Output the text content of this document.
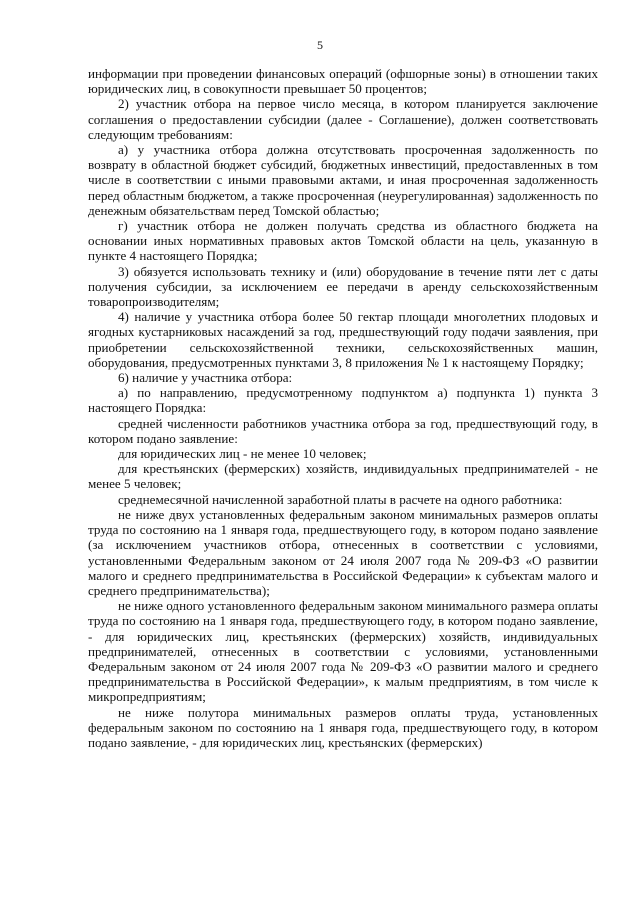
5

информации при проведении финансовых операций (офшорные зоны) в отношении таких юридических лиц, в совокупности превышает 50 процентов;

2) участник отбора на первое число месяца, в котором планируется заключение соглашения о предоставлении субсидии (далее - Соглашение), должен соответствовать следующим требованиям:

а) у участника отбора должна отсутствовать просроченная задолженность по возврату в областной бюджет субсидий, бюджетных инвестиций, предоставленных в том числе в соответствии с иными правовыми актами, и иная просроченная задолженность перед областным бюджетом, а также просроченная (неурегулированная) задолженность по денежным обязательствам перед Томской областью;

г) участник отбора не должен получать средства из областного бюджета на основании иных нормативных правовых актов Томской области на цель, указанную в пункте 4 настоящего Порядка;

3) обязуется использовать технику и (или) оборудование в течение пяти лет с даты получения субсидии, за исключением ее передачи в аренду сельскохозяйственным товаропроизводителям;

4) наличие у участника отбора более 50 гектар площади многолетних плодовых и ягодных кустарниковых насаждений за год, предшествующий году подачи заявления, при приобретении сельскохозяйственной техники, сельскохозяйственных машин, оборудования, предусмотренных пунктами 3, 8 приложения № 1 к настоящему Порядку;

6) наличие у участника отбора:

а) по направлению, предусмотренному подпунктом а) подпункта 1) пункта 3 настоящего Порядка:

средней численности работников участника отбора за год, предшествующий году, в котором подано заявление:

для юридических лиц - не менее 10 человек;

для крестьянских (фермерских) хозяйств, индивидуальных предпринимателей - не менее 5 человек;

среднемесячной начисленной заработной платы в расчете на одного работника:

не ниже двух установленных федеральным законом минимальных размеров оплаты труда по состоянию на 1 января года, предшествующего году, в котором подано заявление (за исключением участников отбора, отнесенных в соответствии с условиями, установленными Федеральным законом от 24 июля 2007 года № 209-ФЗ «О развитии малого и среднего предпринимательства в Российской Федерации» к субъектам малого и среднего предпринимательства);

не ниже одного установленного федеральным законом минимального размера оплаты труда по состоянию на 1 января года, предшествующего году, в котором подано заявление, - для юридических лиц, крестьянских (фермерских) хозяйств, индивидуальных предпринимателей, отнесенных в соответствии с условиями, установленными Федеральным законом от 24 июля 2007 года № 209-ФЗ «О развитии малого и среднего предпринимательства в Российской Федерации», к малым предприятиям, в том числе к микропредприятиям;

не ниже полутора минимальных размеров оплаты труда, установленных федеральным законом по состоянию на 1 января года, предшествующего году, в котором подано заявление, - для юридических лиц, крестьянских (фермерских)
